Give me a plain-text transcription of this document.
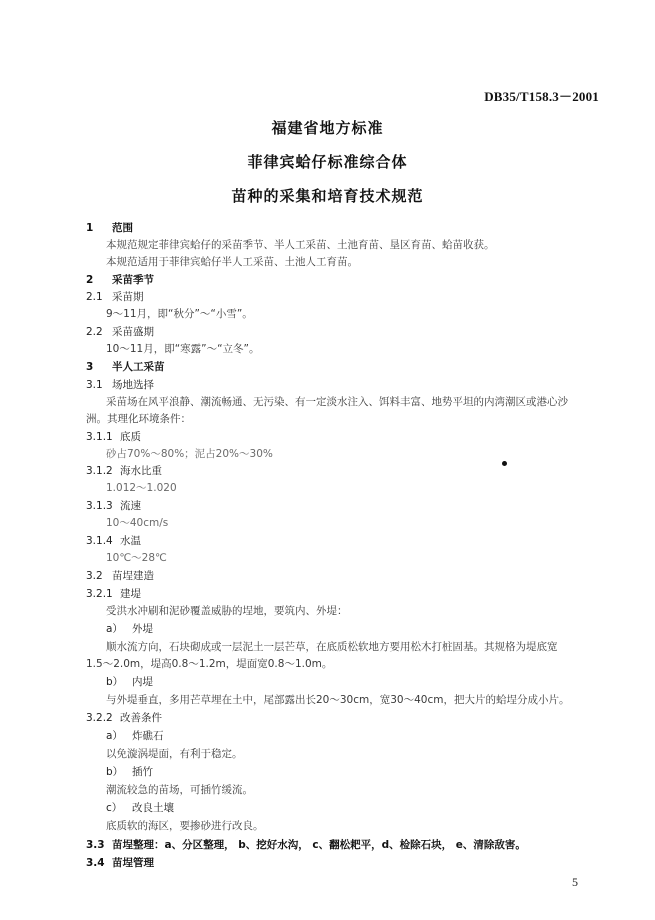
DB35/T158.3－2001
福建省地方标准
菲律宾蛤仔标准综合体
苗种的采集和培育技术规范
1 范围
本规范规定菲律宾蛤仔的采苗季节、半人工采苗、土池育苗、垦区育苗、蛤苗收获。
本规范适用于菲律宾蛤仔半人工采苗、土池人工育苗。
2 采苗季节
2.1 采苗期
9～11月，即“秋分”～“小雪”。
2.2 采苗盛期
10～11月，即“寒露”～“立冬”。
3 半人工采苗
3.1 场地选择
采苗场在风平浪静、潮流畅通、无污染、有一定淡水注入、饵料丰富、地势平坦的内湾潮区或港心沙
洲。其理化环境条件：
3.1.1 底质
砂占70%～80%；泥占20%～30%
3.1.2 海水比重
1.012～1.020
3.1.3 流速
10～40cm/s
3.1.4 水温
10℃～28℃
3.2 苗埕建造
3.2.1 建堤
受洪水冲刷和泥砂覆盖威胁的埕地，要筑内、外堤：
a） 外堤
顺水流方向，石块砌成或一层泥土一层芒草，在底质松软地方要用松木打桩固基。其规格为堤底宽
1.5～2.0m，堤高0.8～1.2m，堤面宽0.8～1.0m。
b） 内堤
与外堤垂直，多用芒草埋在土中，尾部露出长20～30cm，宽30～40cm，把大片的蛤埕分成小片。
3.2.2 改善条件
a） 炸礁石
以免漩涡堤面，有利于稳定。
b） 插竹
潮流较急的苗场，可插竹缓流。
c） 改良土壤
底质软的海区，要掺砂进行改良。
3.3 苗埕整理：a、分区整理， b、挖好水沟， c、翻松耙平，d、检除石块， e、清除敌害。
3.4 苗埕管理
5
